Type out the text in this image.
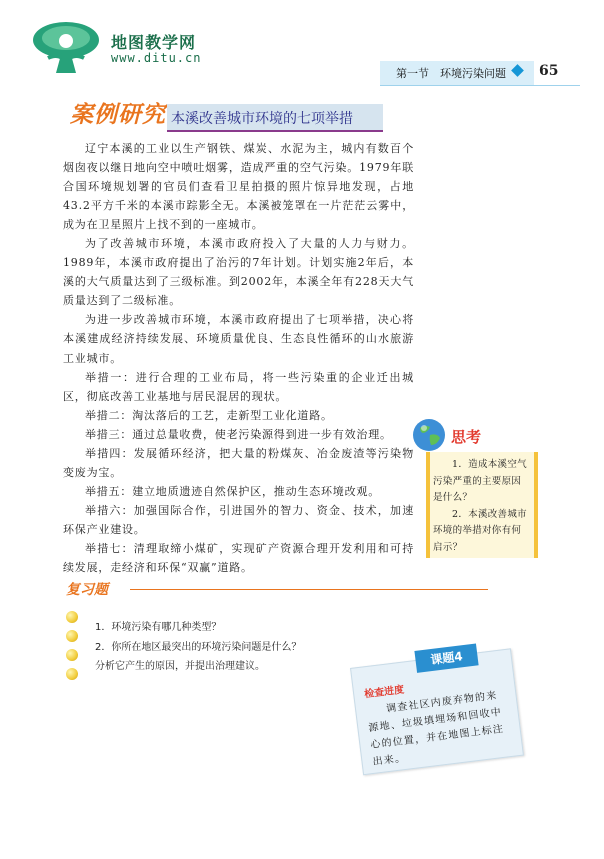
地图教学网
www.ditu.cn
第一节　环境污染问题 65
案例研究 本溪改善城市环境的七项举措

辽宁本溪的工业以生产钢铁、煤炭、水泥为主，城内有数百个烟囱夜以继日地向空中喷吐烟雾，造成严重的空气污染。1979年联合国环境规划署的官员们查看卫星拍摄的照片惊异地发现，占地43.2平方千米的本溪市踪影全无。本溪被笼罩在一片茫茫云雾中，成为在卫星照片上找不到的一座城市。

为了改善城市环境，本溪市政府投入了大量的人力与财力。1989年，本溪市政府提出了治污的7年计划。计划实施2年后，本溪的大气质量达到了三级标准。到2002年，本溪全年有228天大气质量达到了二级标准。

为进一步改善城市环境，本溪市政府提出了七项举措，决心将本溪建成经济持续发展、环境质量优良、生态良性循环的山水旅游工业城市。

举措一：进行合理的工业布局，将一些污染重的企业迁出城区，彻底改善工业基地与居民混居的现状。

举措二：淘汰落后的工艺，走新型工业化道路。

举措三：通过总量收费，使老污染源得到进一步有效治理。

举措四：发展循环经济，把大量的粉煤灰、冶金废渣等污染物变废为宝。

举措五：建立地质遗迹自然保护区，推动生态环境改观。

举措六：加强国际合作，引进国外的智力、资金、技术，加速环保产业建设。

举措七：清理取缔小煤矿，实现矿产资源合理开发利用和可持续发展，走经济和环保“双赢”道路。

思考

1．造成本溪空气污染严重的主要原因是什么？

2．本溪改善城市环境的举措对你有何启示？

复习题
1．环境污染有哪几种类型？
2．你所在地区最突出的环境污染问题是什么？
分析它产生的原因，并提出治理建议。	课题4
检查进度
调查社区内废弃物的来源地、垃圾填埋场和回收中心的位置，并在地图上标注出来。
